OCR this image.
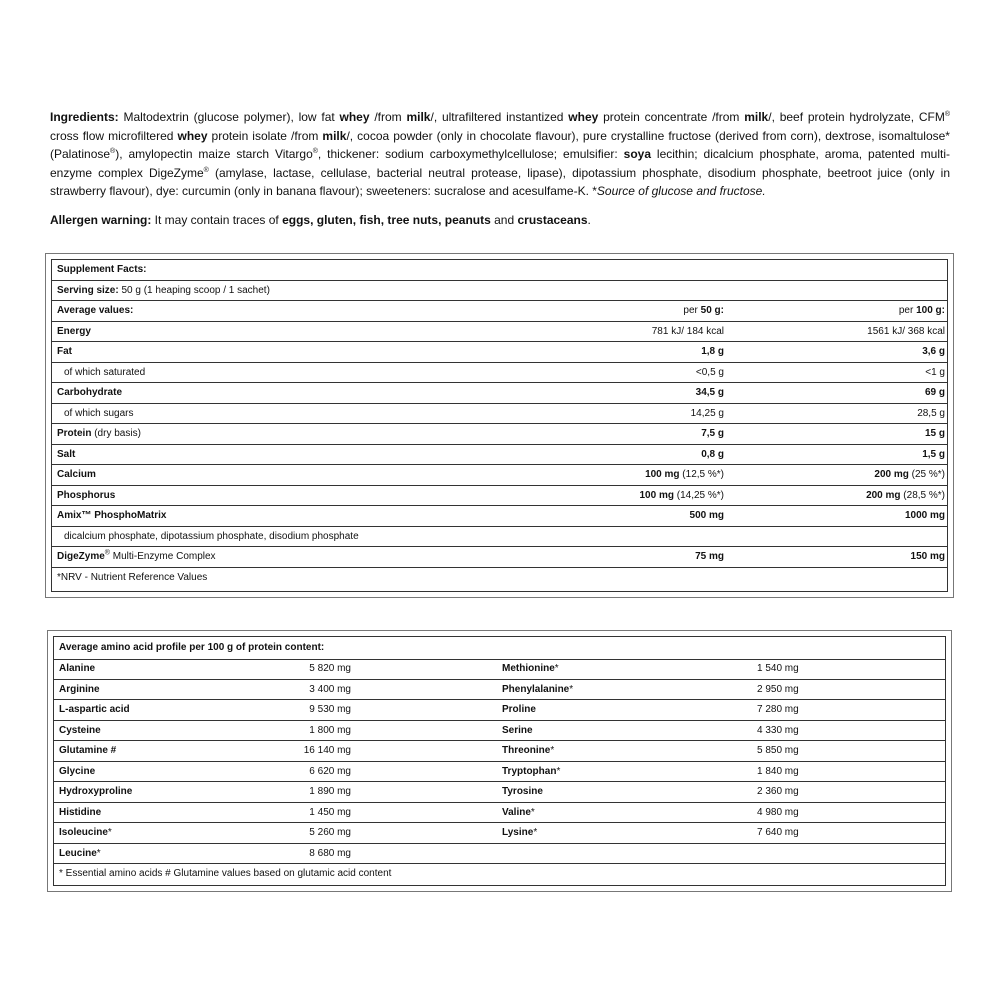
Ingredients: Maltodextrin (glucose polymer), low fat whey /from milk/, ultrafiltered instantized whey protein concentrate /from milk/, beef protein hydrolyzate, CFM® cross flow microfiltered whey protein isolate /from milk/, cocoa powder (only in chocolate flavour), pure crystalline fructose (derived from corn), dextrose, isomaltulose* (Palatinose®), amylopectin maize starch Vitargo®, thickener: sodium carboxymethylcellulose; emulsifier: soya lecithin; dicalcium phosphate, aroma, patented multi-enzyme complex DigeZyme® (amylase, lactase, cellulase, bacterial neutral protease, lipase), dipotassium phosphate, disodium phosphate, beetroot juice (only in strawberry flavour), dye: curcumin (only in banana flavour); sweeteners: sucralose and acesulfame-K. *Source of glucose and fructose.
Allergen warning: It may contain traces of eggs, gluten, fish, tree nuts, peanuts and crustaceans.
Supplement Facts:
Serving size: 50 g (1 heaping scoop / 1 sachet)
Average values:	per 50 g:	per 100 g:
Energy	781 kJ/ 184 kcal	1561 kJ/ 368 kcal
Fat	1,8 g	3,6 g
of which saturated	<0,5 g	<1 g
Carbohydrate	34,5 g	69 g
of which sugars	14,25 g	28,5 g
Protein (dry basis)	7,5 g	15 g
Salt	0,8 g	1,5 g
Calcium	100 mg (12,5 %*)	200 mg (25 %*)
Phosphorus	100 mg (14,25 %*)	200 mg (28,5 %*)
Amix™ PhosphoMatrix	500 mg	1000 mg
dicalcium phosphate, dipotassium phosphate, disodium phosphate
DigeZyme® Multi-Enzyme Complex	75 mg	150 mg
*NRV - Nutrient Reference Values
Average amino acid profile per 100 g of protein content:
Alanine	5 820 mg	Methionine*	1 540 mg
Arginine	3 400 mg	Phenylalanine*	2 950 mg
L-aspartic acid	9 530 mg	Proline	7 280 mg
Cysteine	1 800 mg	Serine	4 330 mg
Glutamine #	16 140 mg	Threonine*	5 850 mg
Glycine	6 620 mg	Tryptophan*	1 840 mg
Hydroxyproline	1 890 mg	Tyrosine	2 360 mg
Histidine	1 450 mg	Valine*	4 980 mg
Isoleucine*	5 260 mg	Lysine*	7 640 mg
Leucine*	8 680 mg
* Essential amino acids # Glutamine values based on glutamic acid content
